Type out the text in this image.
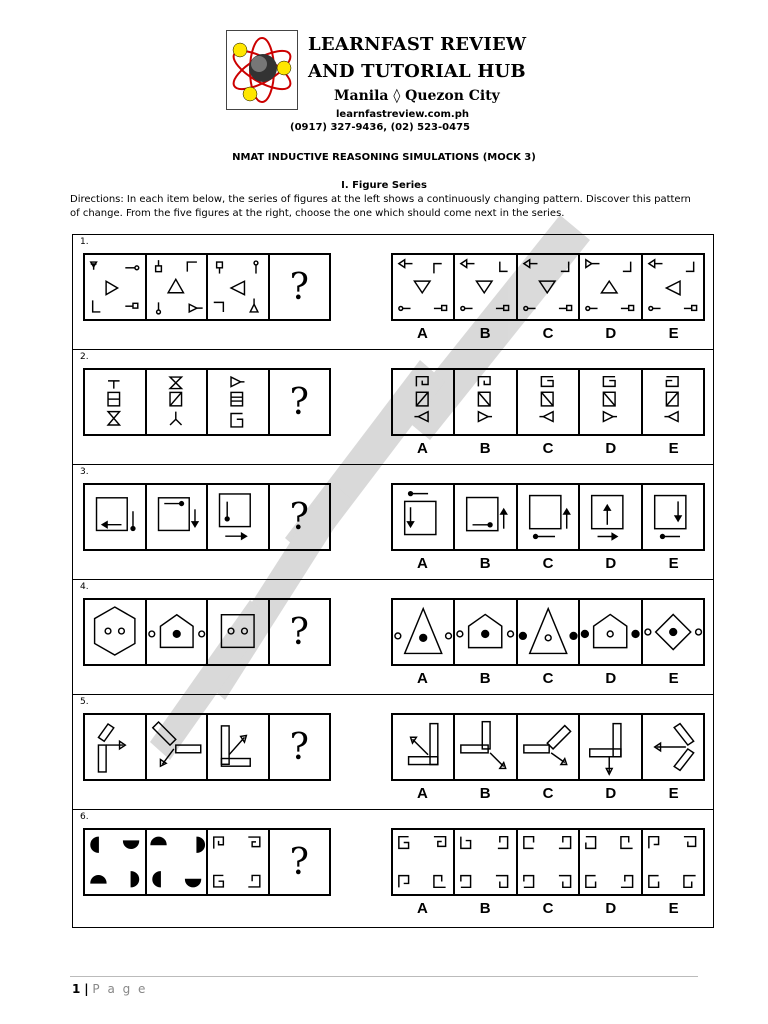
LEARNFAST REVIEW
AND TUTORIAL HUB
Manila ◊ Quezon City
learnfastreview.com.ph
(0917) 327-9436, (02) 523-0475
NMAT INDUCTIVE REASONING SIMULATIONS (MOCK 3)
I. Figure Series
Directions: In each item below, the series of figures at the left shows a continuously changing pattern. Discover this pattern of change. From the five figures at the right, choose the one which should come next in the series.
1.
?
A	B	C	D	E
2.
?
A	B	C	D	E
3.
?
A	B	C	D	E
4.
?
A	B	C	D	E
5.
?
A	B	C	D	E
6.
?
A	B	C	D	E
1 | P a g e
